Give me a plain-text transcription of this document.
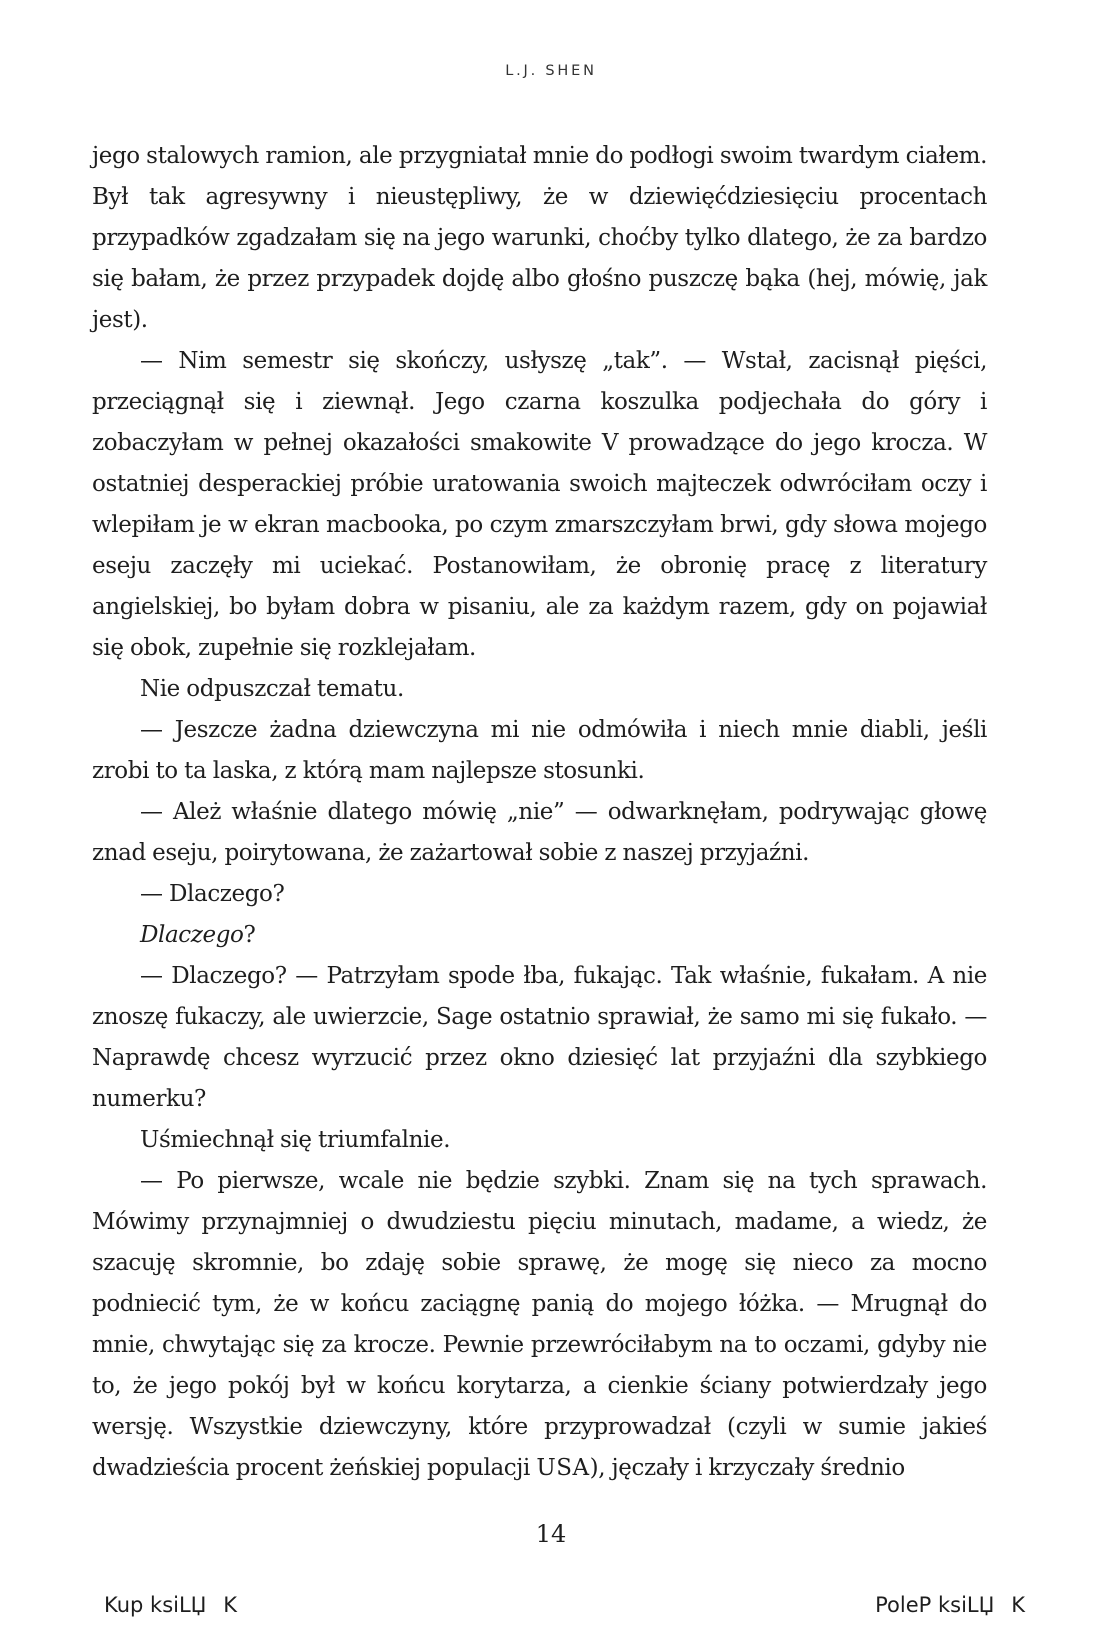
L.J. SHEN

jego stalowych ramion, ale przygniatał mnie do podłogi swoim twardym ciałem. Był tak agresywny i nieustępliwy, że w dziewięćdziesięciu procentach przypadków zgadzałam się na jego warunki, choćby tylko dlatego, że za bardzo się bałam, że przez przypadek dojdę albo głośno puszczę bąka (hej, mówię, jak jest).

— Nim semestr się skończy, usłyszę „tak”. — Wstał, zacisnął pięści, przeciągnął się i ziewnął. Jego czarna koszulka podjechała do góry i zobaczyłam w pełnej okazałości smakowite V prowadzące do jego krocza. W ostatniej desperackiej próbie uratowania swoich majteczek odwróciłam oczy i wlepiłam je w ekran macbooka, po czym zmarszczyłam brwi, gdy słowa mojego eseju zaczęły mi uciekać. Postanowiłam, że obronię pracę z literatury angielskiej, bo byłam dobra w pisaniu, ale za każdym razem, gdy on pojawiał się obok, zupełnie się rozklejałam.

Nie odpuszczał tematu.

— Jeszcze żadna dziewczyna mi nie odmówiła i niech mnie diabli, jeśli zrobi to ta laska, z którą mam najlepsze stosunki.

— Ależ właśnie dlatego mówię „nie” — odwarknęłam, podrywając głowę znad eseju, poirytowana, że zażartował sobie z naszej przyjaźni.

— Dlaczego?

Dlaczego?

— Dlaczego? — Patrzyłam spode łba, fukając. Tak właśnie, fukałam. A nie znoszę fukaczy, ale uwierzcie, Sage ostatnio sprawiał, że samo mi się fukało. — Naprawdę chcesz wyrzucić przez okno dziesięć lat przyjaźni dla szybkiego numerku?

Uśmiechnął się triumfalnie.

— Po pierwsze, wcale nie będzie szybki. Znam się na tych sprawach. Mówimy przynajmniej o dwudziestu pięciu minutach, madame, a wiedz, że szacuję skromnie, bo zdaję sobie sprawę, że mogę się nieco za mocno podniecić tym, że w końcu zaciągnę panią do mojego łóżka. — Mrugnął do mnie, chwytając się za krocze. Pewnie przewróciłabym na to oczami, gdyby nie to, że jego pokój był w końcu korytarza, a cienkie ściany potwierdzały jego wersję. Wszystkie dziewczyny, które przyprowadzał (czyli w sumie jakieś dwadzieścia procent żeńskiej populacji USA), jęczały i krzyczały średnio

14
Kup ksiLЏK	PoleP ksiLЏK
